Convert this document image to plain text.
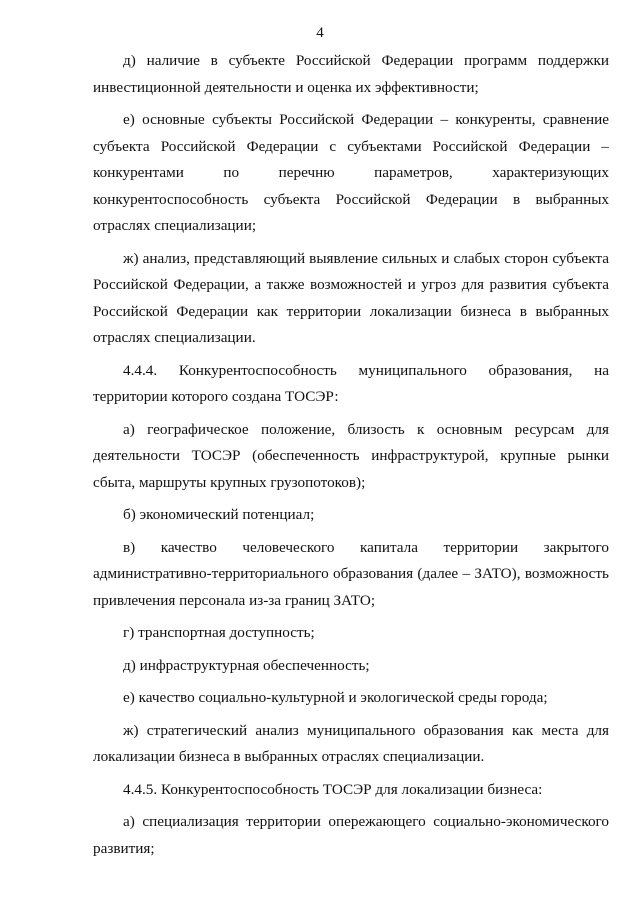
4

д) наличие в субъекте Российской Федерации программ поддержки инвестиционной деятельности и оценка их эффективности;

е) основные субъекты Российской Федерации – конкуренты, сравнение субъекта Российской Федерации с субъектами Российской Федерации – конкурентами по перечню параметров, характеризующих конкурентоспособность субъекта Российской Федерации в выбранных отраслях специализации;

ж) анализ, представляющий выявление сильных и слабых сторон субъекта Российской Федерации, а также возможностей и угроз для развития субъекта Российской Федерации как территории локализации бизнеса в выбранных отраслях специализации.

4.4.4. Конкурентоспособность муниципального образования, на территории которого создана ТОСЭР:

а) географическое положение, близость к основным ресурсам для деятельности ТОСЭР (обеспеченность инфраструктурой, крупные рынки сбыта, маршруты крупных грузопотоков);

б) экономический потенциал;

в) качество человеческого капитала территории закрытого административно-территориального образования (далее – ЗАТО), возможность привлечения персонала из-за границ ЗАТО;

г) транспортная доступность;

д) инфраструктурная обеспеченность;

е) качество социально-культурной и экологической среды города;

ж) стратегический анализ муниципального образования как места для локализации бизнеса в выбранных отраслях специализации.

4.4.5. Конкурентоспособность ТОСЭР для локализации бизнеса:

а) специализация территории опережающего социально-экономического развития;
